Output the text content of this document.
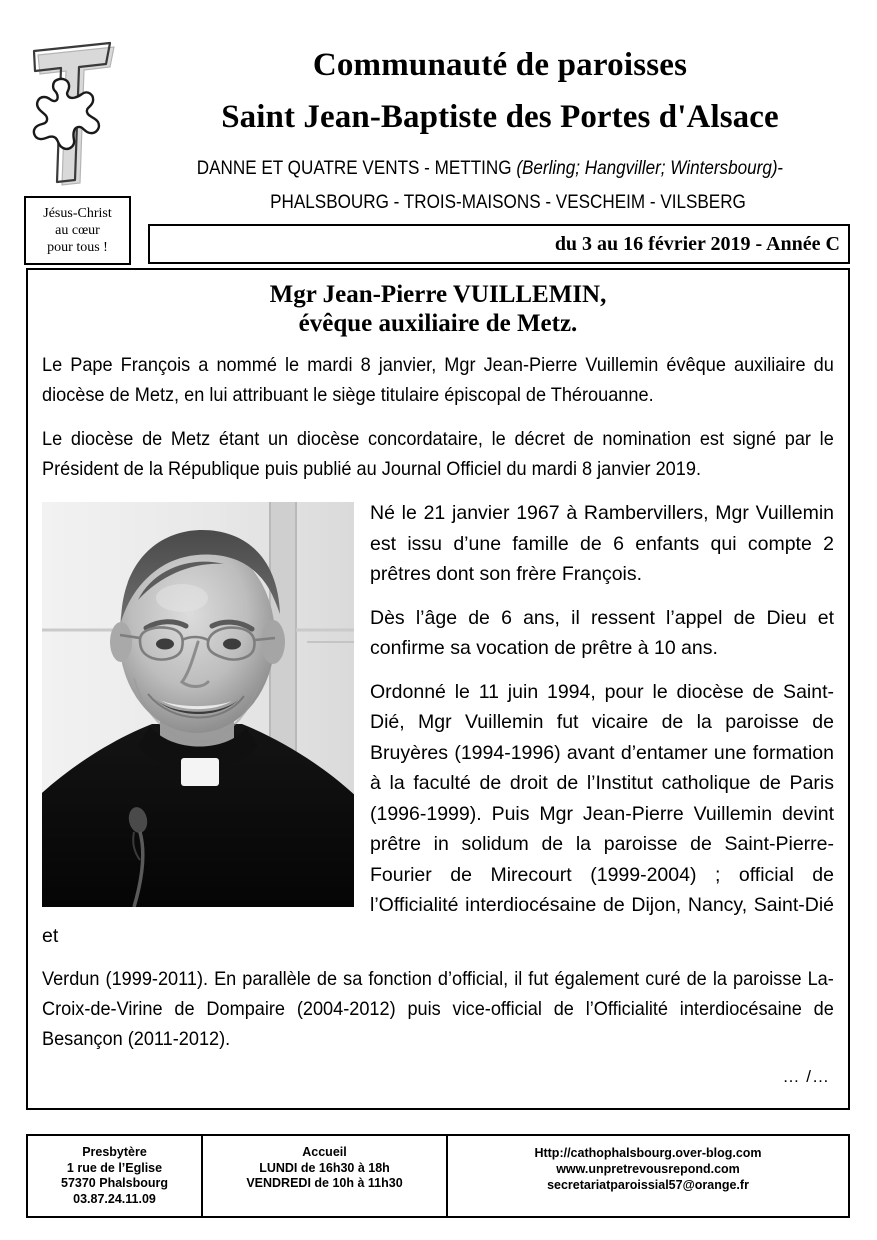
Communauté de paroisses
Saint Jean-Baptiste des Portes d'Alsace
DANNE ET QUATRE VENTS - METTING (Berling; Hangviller; Wintersbourg)-
PHALSBOURG - TROIS-MAISONS - VESCHEIM - VILSBERG
Jésus-Christ
au cœur
pour tous !	du 3 au 16 février 2019 - Année C
Mgr Jean-Pierre VUILLEMIN,
évêque auxiliaire de Metz.

Le Pape François a nommé le mardi 8 janvier, Mgr Jean-Pierre Vuillemin évêque auxiliaire du diocèse de Metz, en lui attribuant le siège titulaire épiscopal de Thérouanne.

Le diocèse de Metz étant un diocèse concordataire, le décret de nomination est signé par le Président de la République puis publié au Journal Officiel du mardi 8 janvier 2019.

Né le 21 janvier 1967 à Rambervillers, Mgr Vuillemin est issu d’une famille de 6 enfants qui compte 2 prêtres dont son frère François.

Dès l’âge de 6 ans, il ressent l’appel de Dieu et confirme sa vocation de prêtre à 10 ans.

Ordonné le 11 juin 1994, pour le diocèse de Saint-Dié, Mgr Vuillemin fut vicaire de la paroisse de Bruyères (1994-1996) avant d’entamer une formation à la faculté de droit de l’Institut catholique de Paris (1996-1999). Puis Mgr Jean-Pierre Vuillemin devint prêtre in solidum de la paroisse de Saint-Pierre-Fourier de Mirecourt (1999-2004) ; official de l’Officialité interdiocésaine de Dijon, Nancy, Saint-Dié et

Verdun (1999-2011). En parallèle de sa fonction d’official, il fut également curé de la paroisse La-Croix-de-Virine de Dompaire (2004-2012) puis vice-official de l’Officialité interdiocésaine de Besançon (2011-2012).

… /…
Presbytère
1 rue de l’Eglise
57370 Phalsbourg
03.87.24.11.09
Accueil
LUNDI de 16h30 à 18h
VENDREDI de 10h à 11h30
Http://cathophalsbourg.over-blog.com
www.unpretrevousrepond.com
secretariatparoissial57@orange.fr
